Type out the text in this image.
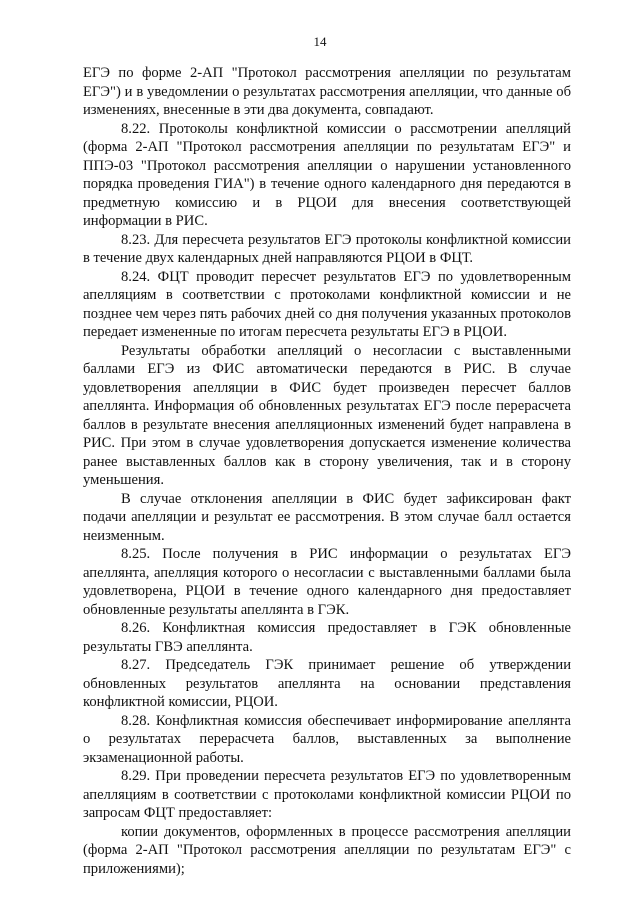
14

ЕГЭ по форме 2-АП "Протокол рассмотрения апелляции по результатам ЕГЭ") и в уведомлении о результатах рассмотрения апелляции, что данные об изменениях, внесенные в эти два документа, совпадают.

8.22. Протоколы конфликтной комиссии о рассмотрении апелляций (форма 2-АП "Протокол рассмотрения апелляции по результатам ЕГЭ" и ППЭ-03 "Протокол рассмотрения апелляции о нарушении установленного порядка проведения ГИА") в течение одного календарного дня передаются в предметную комиссию и в РЦОИ для внесения соответствующей информации в РИС.

8.23. Для пересчета результатов ЕГЭ протоколы конфликтной комиссии в течение двух календарных дней направляются РЦОИ в ФЦТ.

8.24. ФЦТ проводит пересчет результатов ЕГЭ по удовлетворенным апелляциям в соответствии с протоколами конфликтной комиссии и не позднее чем через пять рабочих дней со дня получения указанных протоколов передает измененные по итогам пересчета результаты ЕГЭ в РЦОИ.

Результаты обработки апелляций о несогласии с выставленными баллами ЕГЭ из ФИС автоматически передаются в РИС. В случае удовлетворения апелляции в ФИС будет произведен пересчет баллов апеллянта. Информация об обновленных результатах ЕГЭ после перерасчета баллов в результате внесения апелляционных изменений будет направлена в РИС. При этом в случае удовлетворения допускается изменение количества ранее выставленных баллов как в сторону увеличения, так и в сторону уменьшения.

В случае отклонения апелляции в ФИС будет зафиксирован факт подачи апелляции и результат ее рассмотрения. В этом случае балл остается неизменным.

8.25. После получения в РИС информации о результатах ЕГЭ апеллянта, апелляция которого о несогласии с выставленными баллами была удовлетворена, РЦОИ в течение одного календарного дня предоставляет обновленные результаты апеллянта в ГЭК.

8.26. Конфликтная комиссия предоставляет в ГЭК обновленные результаты ГВЭ апеллянта.

8.27. Председатель ГЭК принимает решение об утверждении обновленных результатов апеллянта на основании представления конфликтной комиссии, РЦОИ.

8.28. Конфликтная комиссия обеспечивает информирование апеллянта о результатах перерасчета баллов, выставленных за выполнение экзаменационной работы.

8.29. При проведении пересчета результатов ЕГЭ по удовлетворенным апелляциям в соответствии с протоколами конфликтной комиссии РЦОИ по запросам ФЦТ предоставляет:

копии документов, оформленных в процессе рассмотрения апелляции (форма 2-АП "Протокол рассмотрения апелляции по результатам ЕГЭ" с приложениями);
